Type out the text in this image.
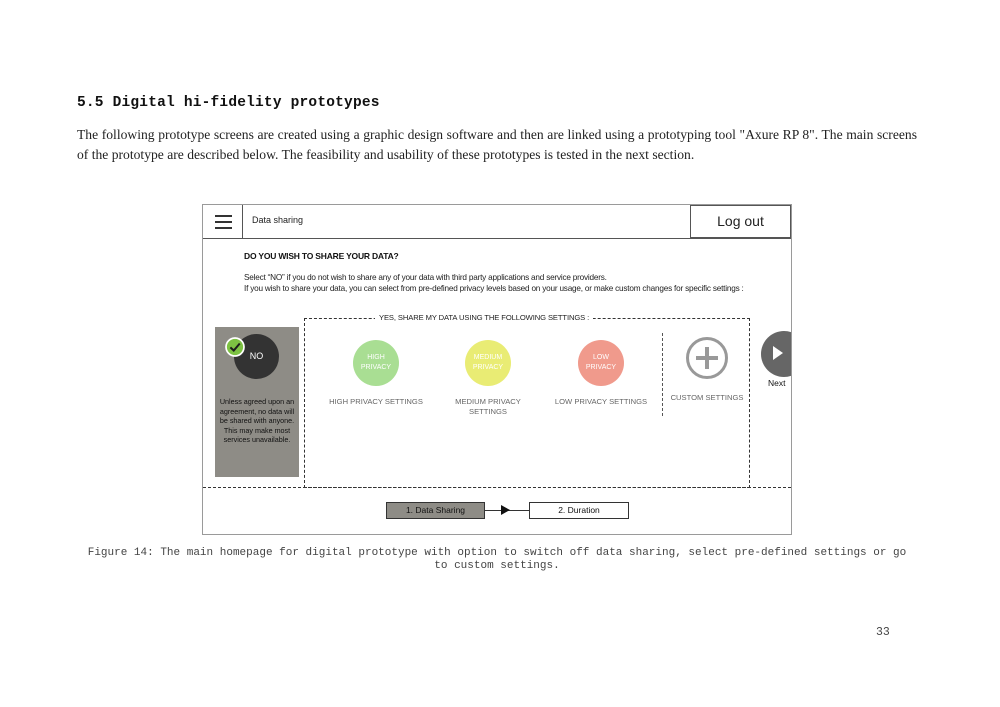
5.5 Digital hi-fidelity prototypes
The following prototype screens are created using a graphic design software and then are linked using a prototyping tool "Axure RP 8". The main screens of the prototype are described below. The feasibility and usability of these prototypes is tested in the next section.
Data sharing	Log out
DO YOU WISH TO SHARE YOUR DATA?
Select “NO” if you do not wish to share any of your data with third party applications and service providers.
If you wish to share your data, you can select from pre-defined privacy levels based on your usage, or make custom changes for specific settings :
NO
Unless agreed upon an agreement, no data will be shared with anyone. This may make most services unavailable.
YES, SHARE MY DATA USING THE FOLLOWING SETTINGS :
HIGH PRIVACY
HIGH PRIVACY SETTINGS
MEDIUM PRIVACY
MEDIUM PRIVACY SETTINGS
LOW PRIVACY
LOW PRIVACY SETTINGS	CUSTOM SETTINGS
Next
1. Data Sharing	2. Duration
Figure 14: The main homepage for digital prototype with option to switch off data sharing, select pre-defined settings or go to custom settings.
33
